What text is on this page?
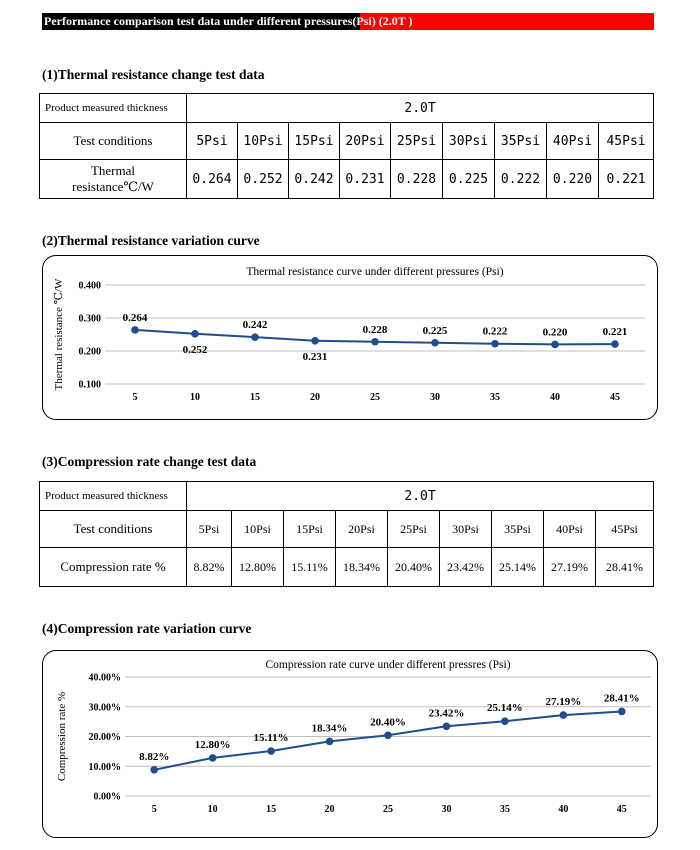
Performance comparison test data under different pressures(Psi) (2.0T )
(1)Thermal resistance change test data
Product measured thickness	2.0T								
Test conditions	5Psi	10Psi	15Psi	20Psi	25Psi	30Psi	35Psi	40Psi	45Psi
Thermal
resistance℃/W	0.264	0.252	0.242	0.231	0.228	0.225	0.222	0.220	0.221
(2)Thermal resistance variation curve
Thermal resistance curve under different pressures (Psi)
0.400
0.300
0.200
0.100
Thermal resistance ℃/W
5	10	15	20	25	30	35	40	45
0.264
0.252
0.242
0.231
0.228	0.225	0.222	0.220	0.221
(3)Compression rate change test data
Product measured thickness	2.0T								
Test conditions	5Psi	10Psi	15Psi	20Psi	25Psi	30Psi	35Psi	40Psi	45Psi
Compression rate %	8.82%	12.80%	15.11%	18.34%	20.40%	23.42%	25.14%	27.19%	28.41%
(4)Compression rate variation curve
Compression rate curve under different pressres (Psi)
40.00%
30.00%
20.00%
10.00%
0.00%
Compression rate %
5	10	15	20	25	30	35	40	45
8.82%
12.80%
15.11%
18.34%
20.40%
23.42% 25.14%
27.19% 28.41%
